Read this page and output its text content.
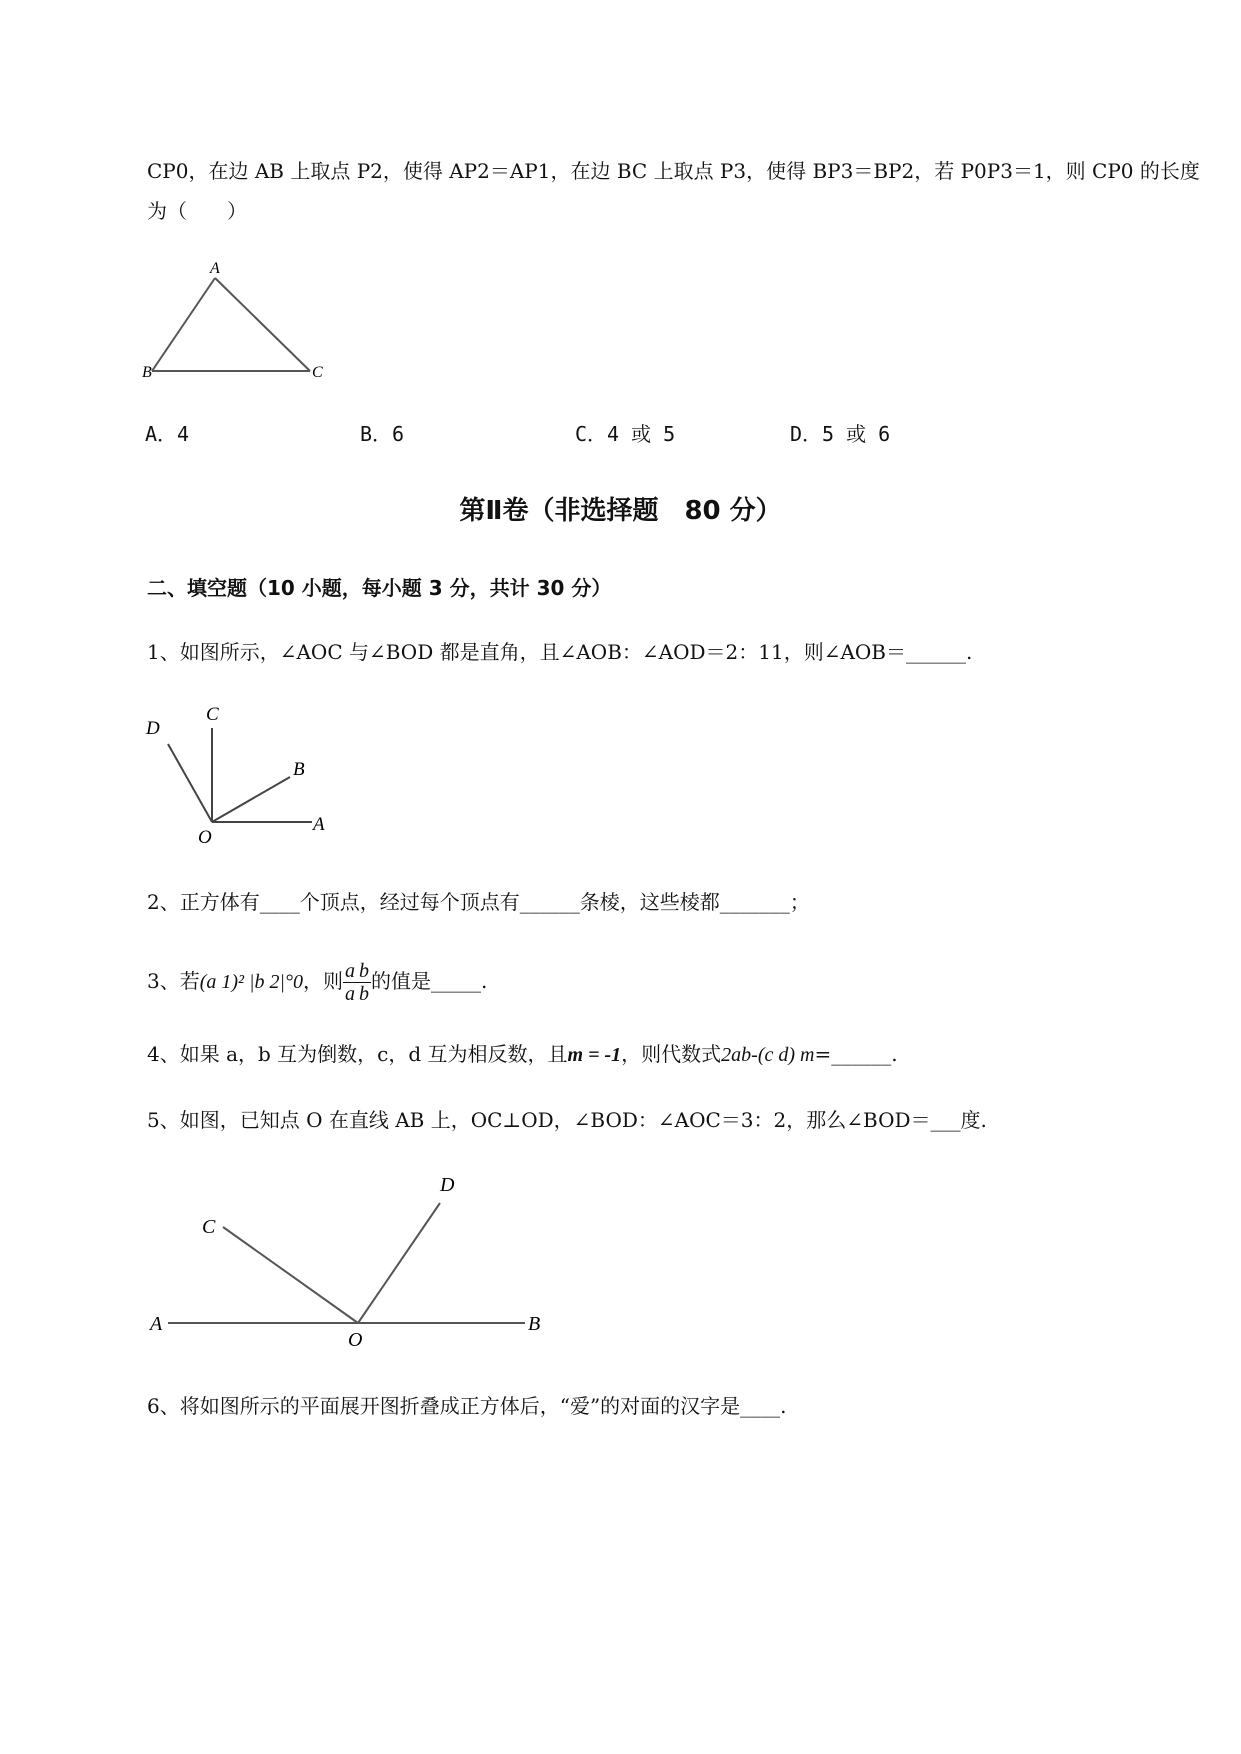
CP0，在边 AB 上取点 P2，使得 AP2＝AP1，在边 BC 上取点 P3，使得 BP3＝BP2，若 P0P3＝1，则 CP0 的长度

为（　　）

A
B	C
A．4	B．6	C．4 或 5	D．5 或 6
第Ⅱ卷（非选择题　80 分）

二、填空题（10 小题，每小题 3 分，共计 30 分）

1、如图所示，∠AOC 与∠BOD 都是直角，且∠AOB：∠AOD＝2：11，则∠AOB＝______.

D
C
B
A
O

2、正方体有____个顶点，经过每个顶点有______条棱，这些棱都_______；

3、若(a 1)² |b 2|°0，则 $\frac{a}{a} \frac{b}{b}$ 的值是_____.

4、如果 a，b 互为倒数，c，d 互为相反数，且m = -1，则代数式2ab-(c d) m=______.

5、如图，已知点 O 在直线 AB 上，OC⊥OD，∠BOD：∠AOC＝3：2，那么∠BOD＝___度.

C
D
A
O
B

6、将如图所示的平面展开图折叠成正方体后，“爱”的对面的汉字是____.
